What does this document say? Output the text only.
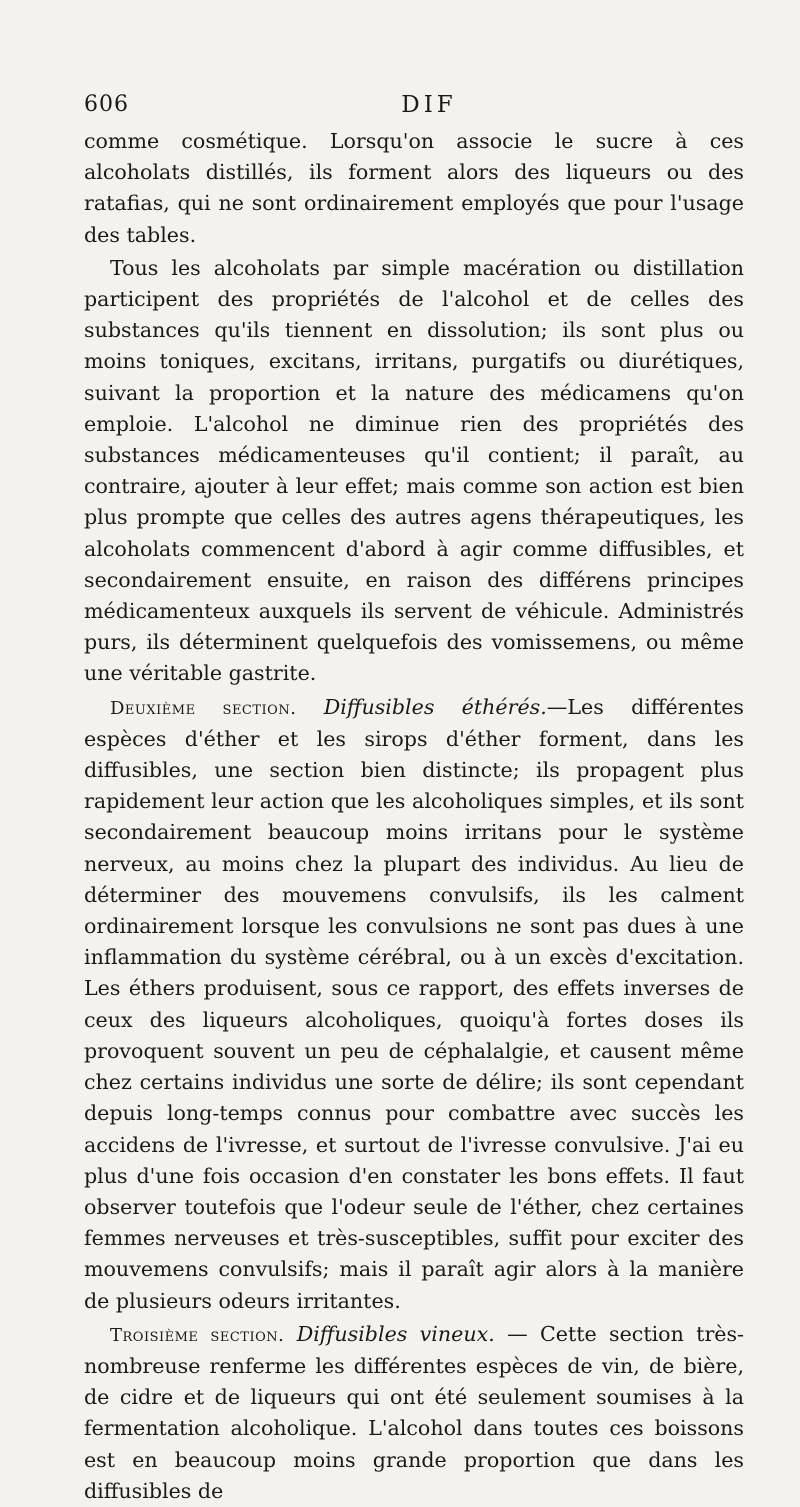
606	DIF

comme cosmétique. Lorsqu'on associe le sucre à ces alcoholats distillés, ils forment alors des liqueurs ou des ratafias, qui ne sont ordinairement employés que pour l'usage des tables.

Tous les alcoholats par simple macération ou distillation participent des propriétés de l'alcohol et de celles des substances qu'ils tiennent en dissolution; ils sont plus ou moins toniques, excitans, irritans, purgatifs ou diurétiques, suivant la proportion et la nature des médicamens qu'on emploie. L'alcohol ne diminue rien des propriétés des substances médicamenteuses qu'il contient; il paraît, au contraire, ajouter à leur effet; mais comme son action est bien plus prompte que celles des autres agens thérapeutiques, les alcoholats commencent d'abord à agir comme diffusibles, et secondairement ensuite, en raison des différens principes médicamenteux auxquels ils servent de véhicule. Administrés purs, ils déterminent quelquefois des vomissemens, ou même une véritable gastrite.

Deuxième section. Diffusibles éthérés.—Les différentes espèces d'éther et les sirops d'éther forment, dans les diffusibles, une section bien distincte; ils propagent plus rapidement leur action que les alcoholiques simples, et ils sont secondairement beaucoup moins irritans pour le système nerveux, au moins chez la plupart des individus. Au lieu de déterminer des mouvemens convulsifs, ils les calment ordinairement lorsque les convulsions ne sont pas dues à une inflammation du système cérébral, ou à un excès d'excitation. Les éthers produisent, sous ce rapport, des effets inverses de ceux des liqueurs alcoholiques, quoiqu'à fortes doses ils provoquent souvent un peu de céphalalgie, et causent même chez certains individus une sorte de délire; ils sont cependant depuis long-temps connus pour combattre avec succès les accidens de l'ivresse, et surtout de l'ivresse convulsive. J'ai eu plus d'une fois occasion d'en constater les bons effets. Il faut observer toutefois que l'odeur seule de l'éther, chez certaines femmes nerveuses et très-susceptibles, suffit pour exciter des mouvemens convulsifs; mais il paraît agir alors à la manière de plusieurs odeurs irritantes.

Troisième section. Diffusibles vineux. — Cette section très-nombreuse renferme les différentes espèces de vin, de bière, de cidre et de liqueurs qui ont été seulement soumises à la fermentation alcoholique. L'alcohol dans toutes ces boissons est en beaucoup moins grande proportion que dans les diffusibles de
